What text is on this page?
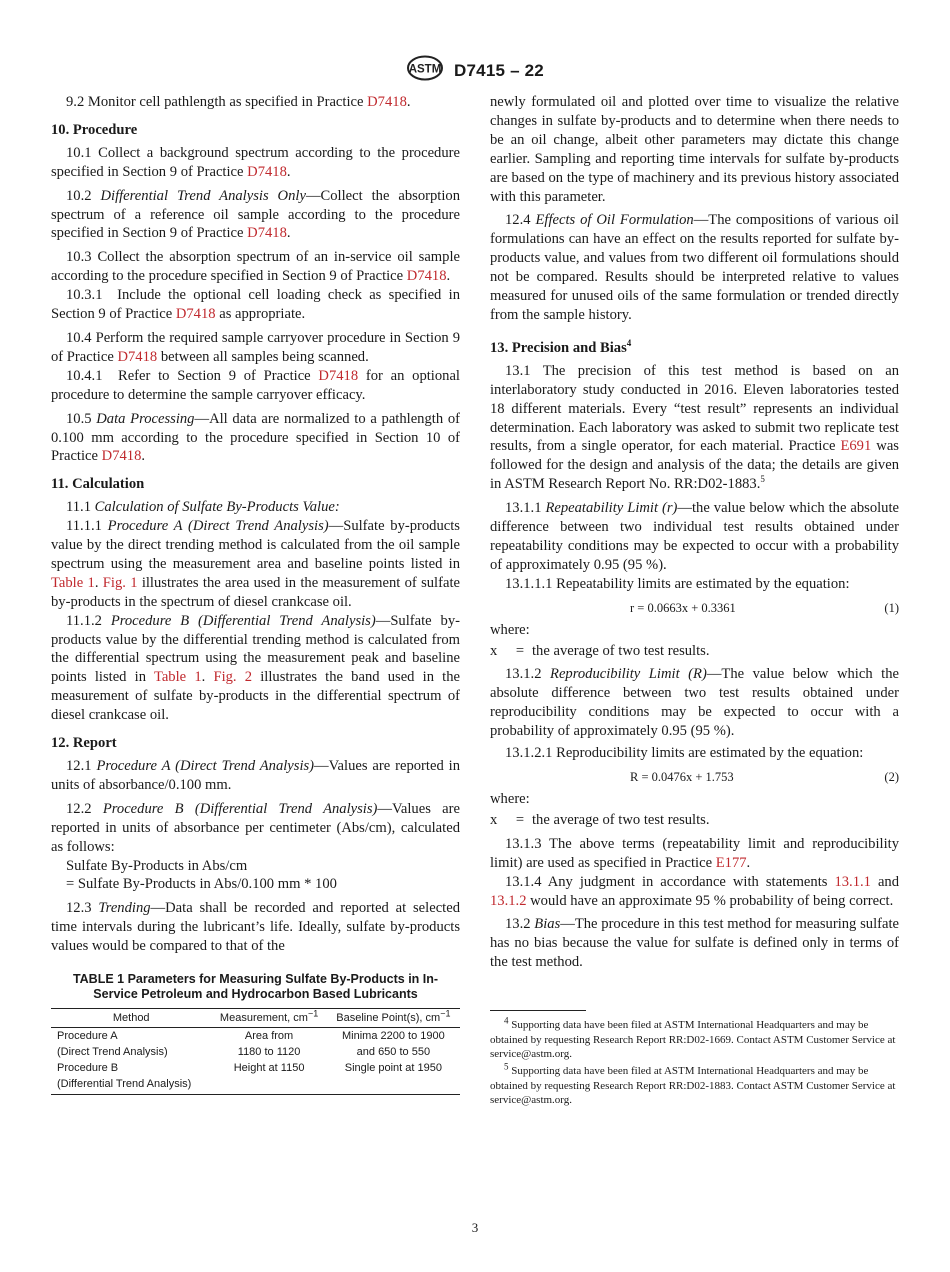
ASTM D7415 – 22

9.2 Monitor cell pathlength as specified in Practice D7418.

10. Procedure

10.1 Collect a background spectrum according to the procedure specified in Section 9 of Practice D7418.

10.2 Differential Trend Analysis Only—Collect the absorption spectrum of a reference oil sample according to the procedure specified in Section 9 of Practice D7418.

10.3 Collect the absorption spectrum of an in-service oil sample according to the procedure specified in Section 9 of Practice D7418.

10.3.1 Include the optional cell loading check as specified in Section 9 of Practice D7418 as appropriate.

10.4 Perform the required sample carryover procedure in Section 9 of Practice D7418 between all samples being scanned.

10.4.1 Refer to Section 9 of Practice D7418 for an optional procedure to determine the sample carryover efficacy.

10.5 Data Processing—All data are normalized to a pathlength of 0.100 mm according to the procedure specified in Section 10 of Practice D7418.

11. Calculation

11.1 Calculation of Sulfate By-Products Value:

11.1.1 Procedure A (Direct Trend Analysis)—Sulfate by-products value by the direct trending method is calculated from the oil sample spectrum using the measurement area and baseline points listed in Table 1. Fig. 1 illustrates the area used in the measurement of sulfate by-products in the spectrum of diesel crankcase oil.

11.1.2 Procedure B (Differential Trend Analysis)—Sulfate by-products value by the differential trending method is calculated from the differential spectrum using the measurement peak and baseline points listed in Table 1. Fig. 2 illustrates the band used in the measurement of sulfate by-products in the differential spectrum of diesel crankcase oil.

12. Report

12.1 Procedure A (Direct Trend Analysis)—Values are reported in units of absorbance/0.100 mm.

12.2 Procedure B (Differential Trend Analysis)—Values are reported in units of absorbance per centimeter (Abs/cm), calculated as follows:

Sulfate By-Products in Abs/cm

= Sulfate By-Products in Abs/0.100 mm * 100

12.3 Trending—Data shall be recorded and reported at selected time intervals during the lubricant’s life. Ideally, sulfate by-products values would be compared to that of the

TABLE 1 Parameters for Measuring Sulfate By-Products in In-Service Petroleum and Hydrocarbon Based Lubricants
Method	Measurement, $cm^{-1}$	Baseline Point(s), $cm^{-1}$
Procedure A	Area from	Minima 2200 to 1900
(Direct Trend Analysis)	1180 to 1120	and 650 to 550
Procedure B	Height at 1150	Single point at 1950
(Differential Trend Analysis)		

newly formulated oil and plotted over time to visualize the relative changes in sulfate by-products and to determine when there needs to be an oil change, albeit other parameters may dictate this change earlier. Sampling and reporting time intervals for sulfate by-products are based on the type of machinery and its previous history associated with this parameter.

12.4 Effects of Oil Formulation—The compositions of various oil formulations can have an effect on the results reported for sulfate by-products value, and values from two different oil formulations should not be compared. Results should be interpreted relative to values measured for unused oils of the same formulation or trended directly from the sample history.

13. Precision and Bias$^4$

13.1 The precision of this test method is based on an interlaboratory study conducted in 2016. Eleven laboratories tested 18 different materials. Every “test result” represents an individual determination. Each laboratory was asked to submit two replicate test results, from a single operator, for each material. Practice E691 was followed for the design and analysis of the data; the details are given in ASTM Research Report No. RR:D02-1883.$^5$

13.1.1 Repeatability Limit (r)—the value below which the absolute difference between two individual test results obtained under repeatability conditions may be expected to occur with a probability of approximately 0.95 (95 %).

13.1.1.1 Repeatability limits are estimated by the equation:

r = 0.0663x + 0.3361	(1)

where:

x	= the average of two test results.

13.1.2 Reproducibility Limit (R)—The value below which the absolute difference between two test results obtained under reproducibility conditions may be expected to occur with a probability of approximately 0.95 (95 %).

13.1.2.1 Reproducibility limits are estimated by the equation:

R = 0.0476x + 1.753	(2)

where:

x	= the average of two test results.

13.1.3 The above terms (repeatability limit and reproducibility limit) are used as specified in Practice E177.

13.1.4 Any judgment in accordance with statements 13.1.1 and 13.1.2 would have an approximate 95 % probability of being correct.

13.2 Bias—The procedure in this test method for measuring sulfate has no bias because the value for sulfate is defined only in terms of the test method.

$^4$ Supporting data have been filed at ASTM International Headquarters and may be obtained by requesting Research Report RR:D02-1669. Contact ASTM Customer Service at service@astm.org.

$^5$ Supporting data have been filed at ASTM International Headquarters and may be obtained by requesting Research Report RR:D02-1883. Contact ASTM Customer Service at service@astm.org.

3
